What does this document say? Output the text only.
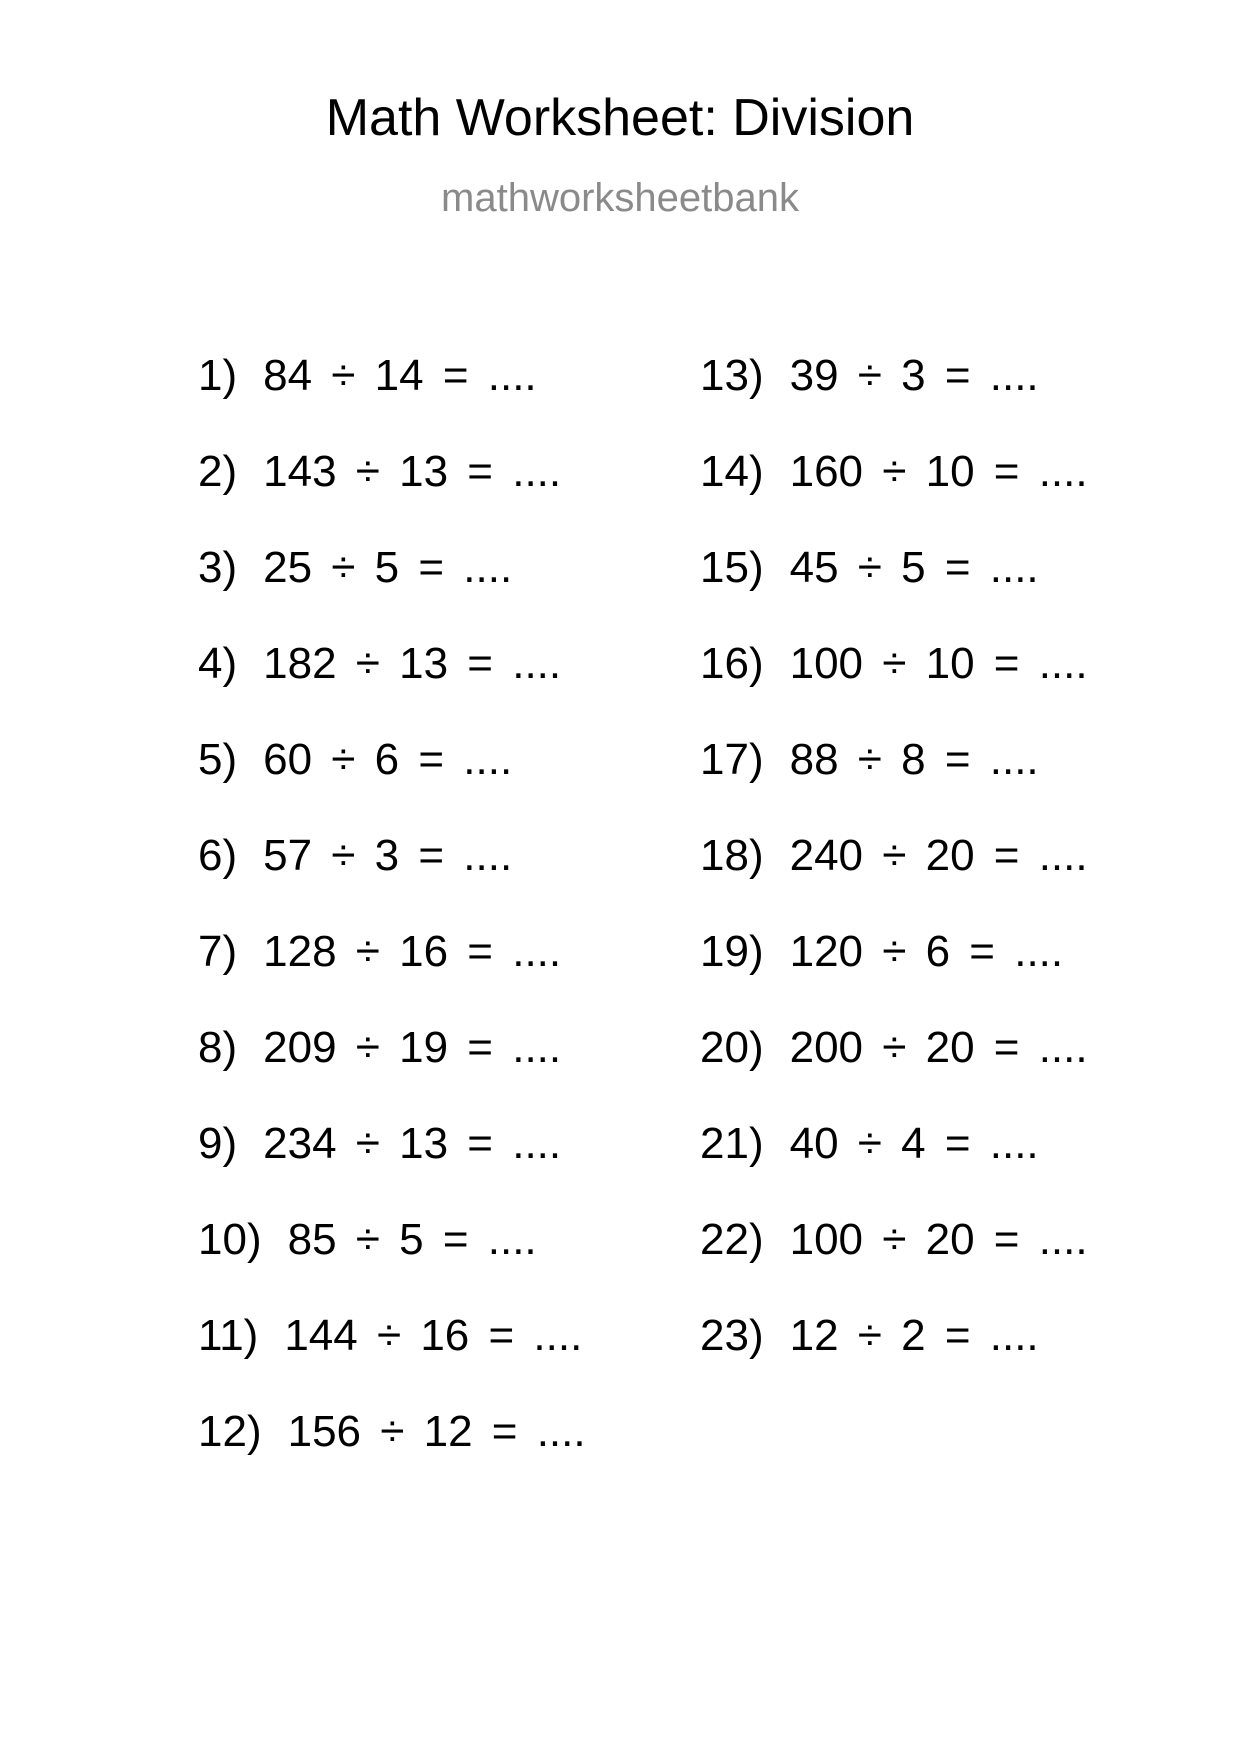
Math Worksheet: Division
mathworksheetbank
1) 84 ÷ 14 = ....
2) 143 ÷ 13 = ....
3) 25 ÷ 5 = ....
4) 182 ÷ 13 = ....
5) 60 ÷ 6 = ....
6) 57 ÷ 3 = ....
7) 128 ÷ 16 = ....
8) 209 ÷ 19 = ....
9) 234 ÷ 13 = ....
10) 85 ÷ 5 = ....
11) 144 ÷ 16 = ....
12) 156 ÷ 12 = ....
13) 39 ÷ 3 = ....
14) 160 ÷ 10 = ....
15) 45 ÷ 5 = ....
16) 100 ÷ 10 = ....
17) 88 ÷ 8 = ....
18) 240 ÷ 20 = ....
19) 120 ÷ 6 = ....
20) 200 ÷ 20 = ....
21) 40 ÷ 4 = ....
22) 100 ÷ 20 = ....
23) 12 ÷ 2 = ....
